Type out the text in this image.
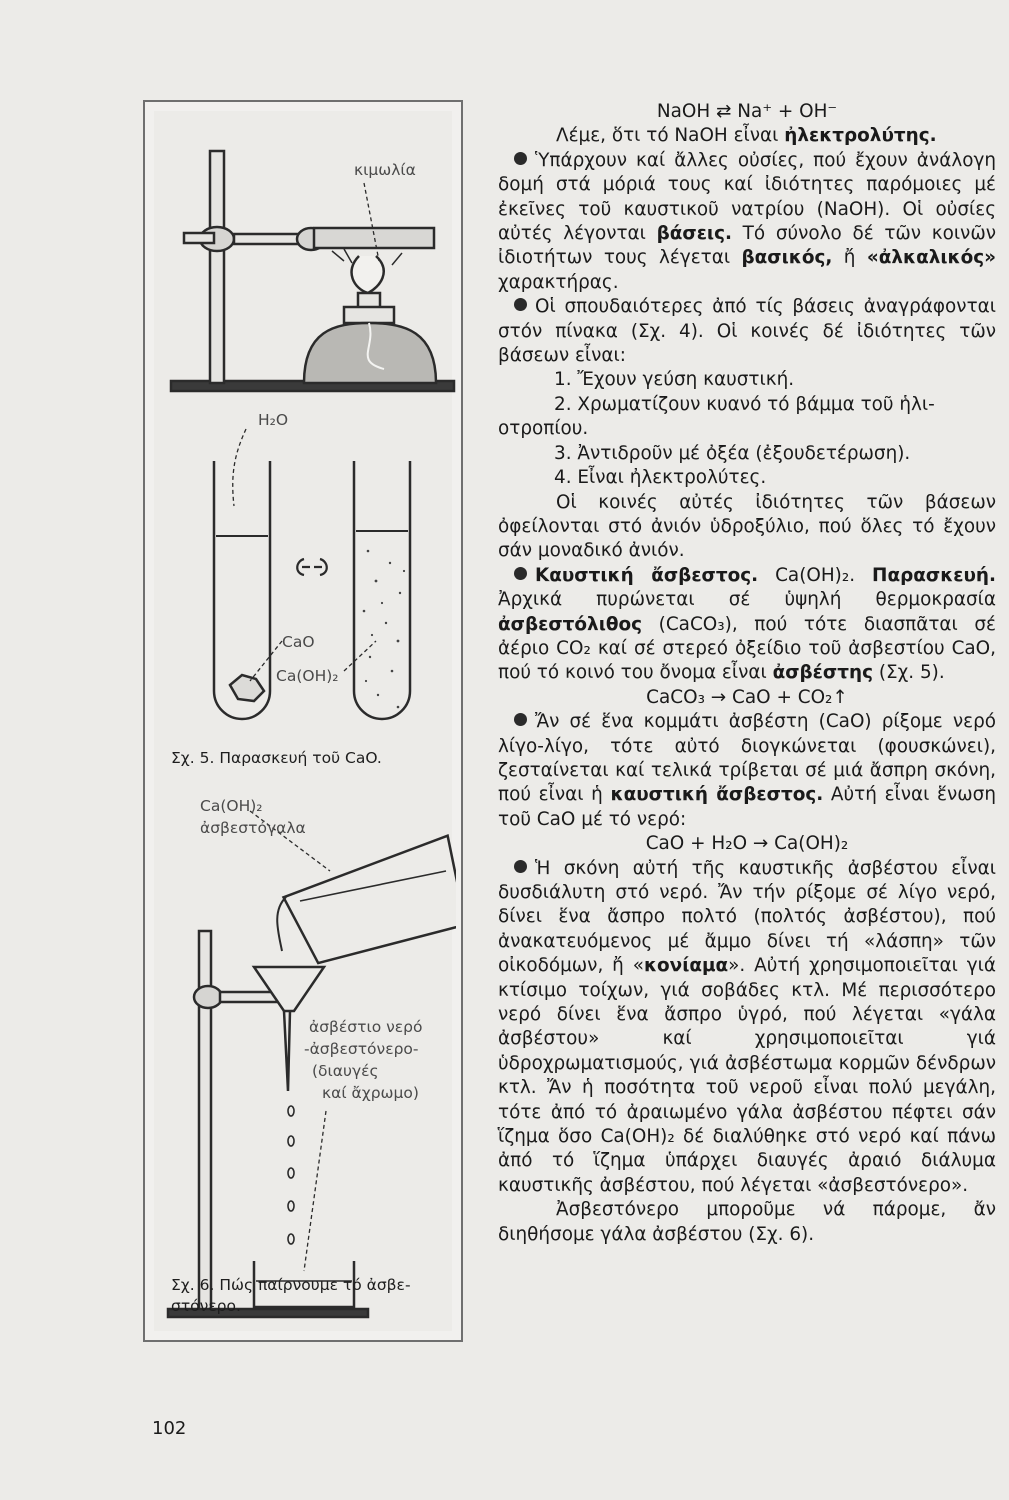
κιμωλία
H₂O
CaO
Ca(OH)₂
Σχ. 5. Παρασκευή τοῦ CaO.
Ca(OH)₂
ἀσβεστόγαλα
ἀσβέστιο νερό
-ἀσβεστόνερο-
(διαυγές
καί ἄχρωμο)
Σχ. 6. Πώς παίρνουμε τό ἀσβε-
στόνερο.

NaOH ⇄ Na⁺ + OH⁻

Λέμε, ὅτι τό NaOH εἶναι ἠλεκτρολύτης.

Ὑπάρχουν καί ἄλλες οὐσίες, πού ἔχουν ἀνάλογη δομή στά μόριά τους καί ἰδιότητες παρόμοιες μέ ἐκεῖνες τοῦ καυστικοῦ νατρίου (NaOH). Οἱ οὐσίες αὐτές λέγονται βάσεις. Τό σύνολο δέ τῶν κοινῶν ἰδιοτήτων τους λέγεται βασικός, ἤ «ἀλκαλικός» χαρακτήρας.

Οἱ σπουδαιότερες ἀπό τίς βάσεις ἀναγράφονται στόν πίνακα (Σχ. 4). Οἱ κοινές δέ ἰδιότητες τῶν βάσεων εἶναι:

1. Ἔχουν γεύση καυστική.

2. Χρωματίζουν κυανό τό βάμμα τοῦ ἡλι-

οτροπίου.

3. Ἀντιδροῦν μέ ὀξέα (ἐξουδετέρωση).

4. Εἶναι ἠλεκτρολύτες.

Οἱ κοινές αὐτές ἰδιότητες τῶν βάσεων ὀφείλονται στό ἀνιόν ὑδροξύλιο, πού ὅλες τό ἔχουν σάν μοναδικό ἀνιόν.

Καυστική ἄσβεστος. Ca(OH)₂. Παρασκευή. Ἀρχικά πυρώνεται σέ ὑψηλή θερμοκρασία ἀσβεστόλιθος (CaCO₃), πού τότε διασπᾶται σέ ἀέριο CO₂ καί σέ στερεό ὀξείδιο τοῦ ἀσβεστίου CaO, πού τό κοινό του ὄνομα εἶναι ἀσβέστης (Σχ. 5).

CaCO₃ → CaO + CO₂↑

Ἄν σέ ἕνα κομμάτι ἀσβέστη (CaO) ρίξομε νερό λίγο-λίγο, τότε αὐτό διογκώνεται (φουσκώνει), ζεσταίνεται καί τελικά τρίβεται σέ μιά ἄσπρη σκόνη, πού εἶναι ἡ καυστική ἄσβεστος. Αὐτή εἶναι ἕνωση τοῦ CaO μέ τό νερό:

CaO + H₂O → Ca(OH)₂

Ἡ σκόνη αὐτή τῆς καυστικῆς ἀσβέστου εἶναι δυσδιάλυτη στό νερό. Ἄν τήν ρίξομε σέ λίγο νερό, δίνει ἕνα ἄσπρο πολτό (πολτός ἀσβέστου), πού ἀνακατευόμενος μέ ἄμμο δίνει τή «λάσπη» τῶν οἰκοδόμων, ἤ «κονίαμα». Αὐτή χρησιμοποιεῖται γιά κτίσιμο τοίχων, γιά σοβάδες κτλ. Μέ περισσότερο νερό δίνει ἕνα ἄσπρο ὑγρό, πού λέγεται «γάλα ἀσβέστου» καί χρησιμοποιεῖται γιά ὑδροχρωματισμούς, γιά ἀσβέστωμα κορμῶν δένδρων κτλ. Ἄν ἡ ποσότητα τοῦ νεροῦ εἶναι πολύ μεγάλη, τότε ἀπό τό ἀραιωμένο γάλα ἀσβέστου πέφτει σάν ἵζημα ὅσο Ca(OH)₂ δέ διαλύθηκε στό νερό καί πάνω ἀπό τό ἵζημα ὑπάρχει διαυγές ἀραιό διάλυμα καυστικῆς ἀσβέστου, πού λέγεται «ἀσβεστόνερο».

Ἀσβεστόνερο μποροῦμε νά πάρομε, ἄν διηθήσομε γάλα ἀσβέστου (Σχ. 6).

102
